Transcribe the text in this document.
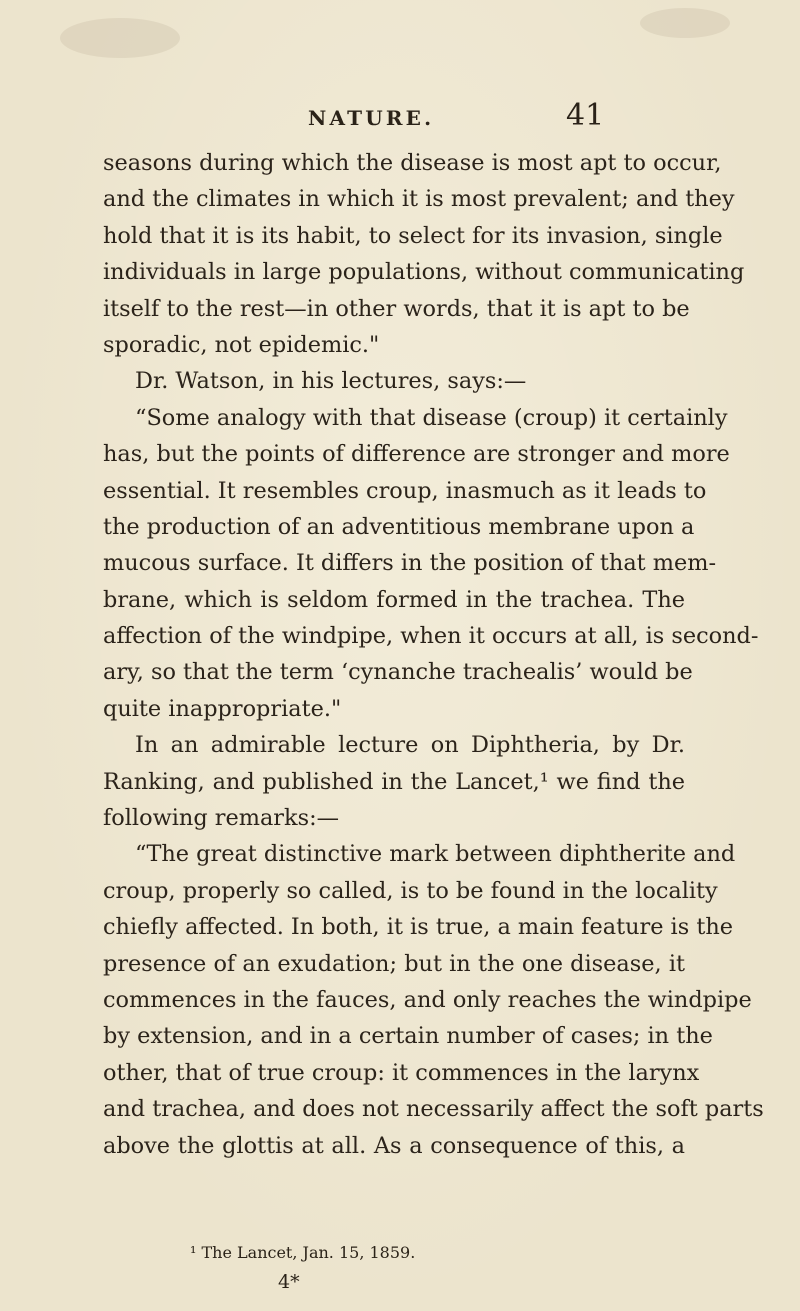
NATURE.	41
seasons during which the disease is most apt to occur,
and the climates in which it is most prevalent; and they
hold that it is its habit, to select for its invasion, single
individuals in large populations, without communicating
itself to the rest—in other words, that it is apt to be
sporadic, not epidemic."
Dr. Watson, in his lectures, says:—
“Some analogy with that disease (croup) it certainly
has, but the points of difference are stronger and more
essential. It resembles croup, inasmuch as it leads to
the production of an adventitious membrane upon a
mucous surface. It differs in the position of that mem-
brane, which is seldom formed in the trachea. The
affection of the windpipe, when it occurs at all, is second-
ary, so that the term ‘cynanche trachealis’ would be
quite inappropriate."
In an admirable lecture on Diphtheria, by Dr.
Ranking, and published in the Lancet,¹ we find the
following remarks:—
“The great distinctive mark between diphtherite and
croup, properly so called, is to be found in the locality
chiefly affected. In both, it is true, a main feature is the
presence of an exudation; but in the one disease, it
commences in the fauces, and only reaches the windpipe
by extension, and in a certain number of cases; in the
other, that of true croup: it commences in the larynx
and trachea, and does not necessarily affect the soft parts
above the glottis at all. As a consequence of this, a
¹ The Lancet, Jan. 15, 1859.
4*
